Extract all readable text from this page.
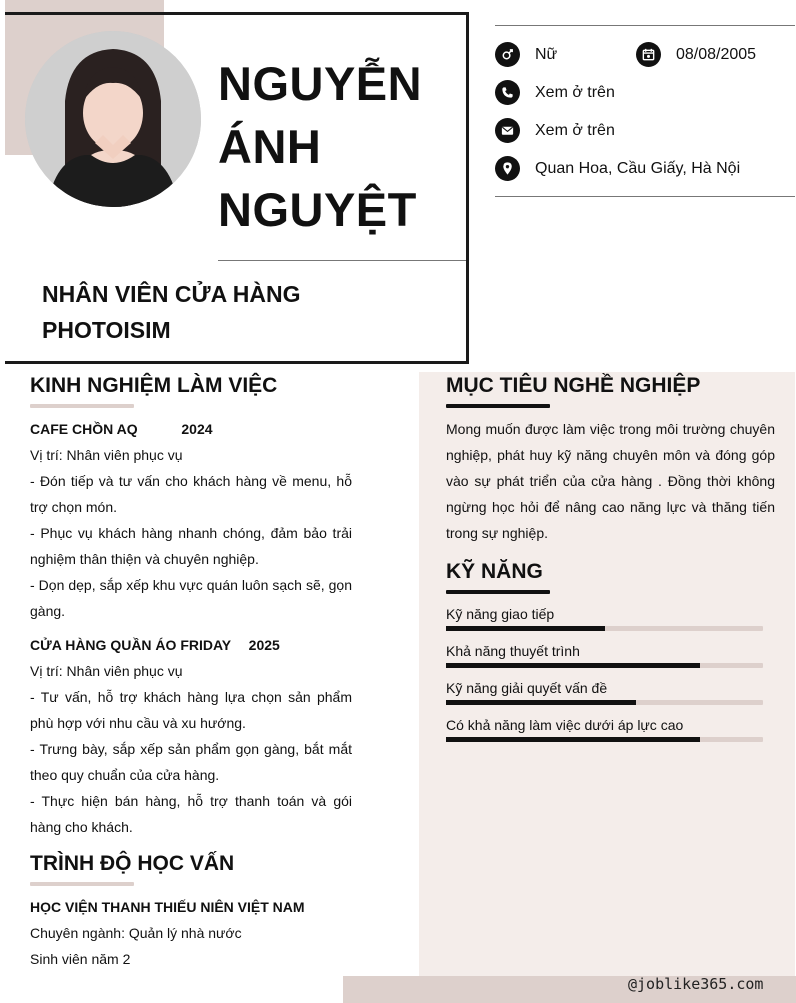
NGUYỄN
ÁNH
NGUYỆT
NHÂN VIÊN CỬA HÀNG
PHOTOISIM
Nữ	08/08/2005
Xem ở trên
Xem ở trên
Quan Hoa, Cầu Giấy, Hà Nội
KINH NGHIỆM LÀM VIỆC
CAFE CHỒN AQ	2024
Vị trí: Nhân viên phục vụ
- Đón tiếp và tư vấn cho khách hàng về menu, hỗ trợ chọn món.
- Phục vụ khách hàng nhanh chóng, đảm bảo trải nghiệm thân thiện và chuyên nghiệp.
- Dọn dẹp, sắp xếp khu vực quán luôn sạch sẽ, gọn gàng.
CỬA HÀNG QUẦN ÁO FRIDAY 2025
Vị trí: Nhân viên phục vụ
- Tư vấn, hỗ trợ khách hàng lựa chọn sản phẩm phù hợp với nhu cầu và xu hướng.
- Trưng bày, sắp xếp sản phẩm gọn gàng, bắt mắt theo quy chuẩn của cửa hàng.
- Thực hiện bán hàng, hỗ trợ thanh toán và gói hàng cho khách.
TRÌNH ĐỘ HỌC VẤN
HỌC VIỆN THANH THIẾU NIÊN VIỆT NAM
Chuyên ngành: Quản lý nhà nước
Sinh viên năm 2
MỤC TIÊU NGHỀ NGHIỆP
Mong muốn được làm việc trong môi trường chuyên nghiệp, phát huy kỹ năng chuyên môn và đóng góp vào sự phát triển của cửa hàng . Đồng thời không ngừng học hỏi để nâng cao năng lực và thăng tiến trong sự nghiệp.
KỸ NĂNG
Kỹ năng giao tiếp
Khả năng thuyết trình
Kỹ năng giải quyết vấn đề
Có khả năng làm việc dưới áp lực cao
@joblike365.com
